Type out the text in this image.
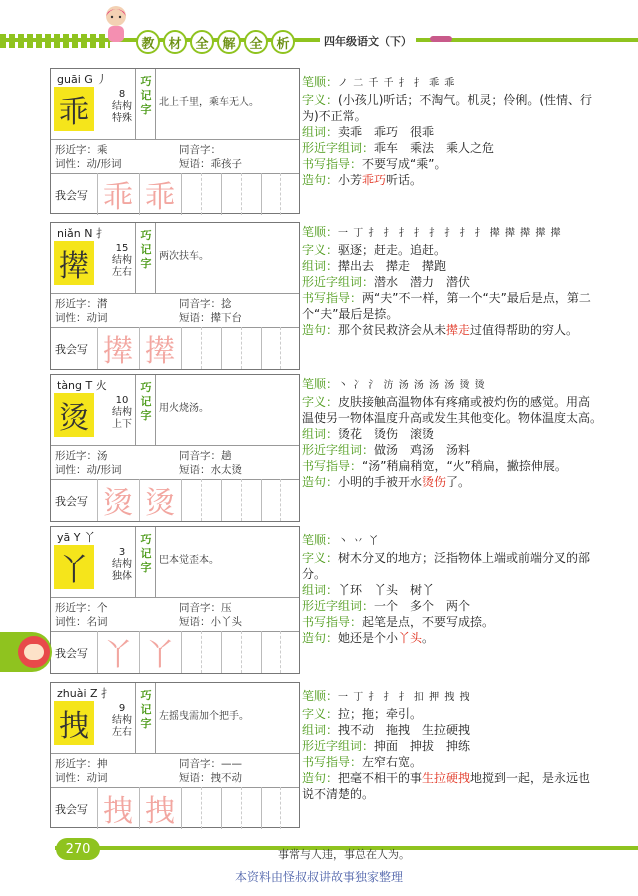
教	材	全	解	全	析	四年级语文（下）
guāi G 丿
乖
8
结构
特殊
巧记字
北上千里，乘车无人。
形近字：乘	同音字：
词性：动/形词	短语：乖孩子
我会写 乖 乖

笔顺：ノ 二 千 千 扌 扌 乖 乖

字义：(小孩儿)听话；不淘气。机灵；伶俐。(性情、行为)不正常。

组词：卖乖　乖巧　很乖

形近字组词：乖车　乘法　乘人之危

书写指导：不要写成“乘”。

造句：小芳乖巧听话。

niǎn N 扌
撵
15
结构
左右
巧记字
两次扶车。
形近字：潸	同音字：捻
词性：动词	短语：撵下台
我会写 撵 撵

笔顺：一 丁 扌 扌 扌 扌 扌 扌 扌 扌 撵 撵 撵 撵 撵

字义：驱逐；赶走。追赶。

组词：撵出去　撵走　撵跑

形近字组词：潜水　潜力　潜伏

书写指导：两“夫”不一样，第一个“夫”最后是点，第二个“夫”最后是捺。

造句：那个贫民救济会从未撵走过值得帮助的穷人。

tàng T 火
烫
10
结构
上下
巧记字
用火烧汤。
形近字：汤	同音字：趟
词性：动/形词	短语：水太烫
我会写 烫 烫

笔顺：丶 冫 氵 汸 汤 汤 汤 汤 烫 烫

字义：皮肤接触高温物体有疼痛或被灼伤的感觉。用高温使另一物体温度升高或发生其他变化。物体温度太高。

组词：烫花　烫伤　滚烫

形近字组词：做汤　鸡汤　汤料

书写指导：“汤”稍扁稍宽，“火”稍扁，撇捺伸展。

造句：小明的手被开水烫伤了。

yā Y 丫
丫
3
结构
独体
巧记字
巴本觉歪本。
形近字：个	同音字：压
词性：名词	短语：小丫头
我会写 丫 丫

笔顺：丶 丷 丫

字义：树木分叉的地方；泛指物体上端或前端分叉的部分。

组词：丫环　丫头　树丫

形近字组词：一个　多个　两个

书写指导：起笔是点，不要写成捺。

造句：她还是个小丫头。

zhuài Z 扌
拽
9
结构
左右
巧记字
左摇曳需加个把手。
形近字：抻	同音字：——
词性：动词	短语：拽不动
我会写 拽 拽

笔顺：一 丁 扌 扌 扌 扣 押 拽 拽

字义：拉；拖；牵引。

组词：拽不动　拖拽　生拉硬拽

形近字组词：抻面　抻拔　抻练

书写指导：左窄右宽。

造句：把毫不相干的事生拉硬拽地搅到一起，是永远也说不清楚的。

270	事常与人违，事总在人为。
本资料由怪叔叔讲故事独家整理
